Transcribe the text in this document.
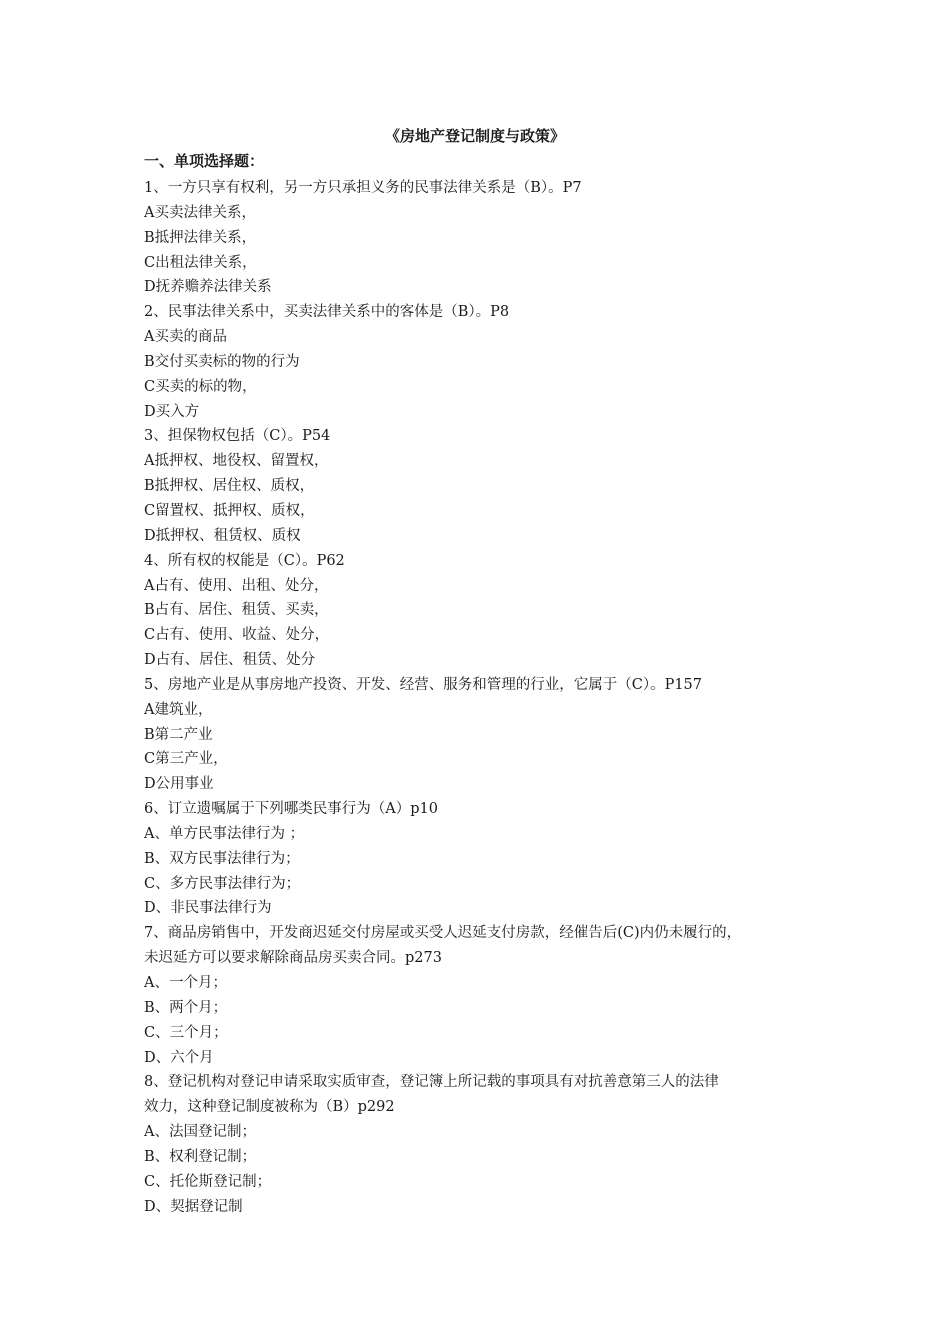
《房地产登记制度与政策》
一、单项选择题：
1、一方只享有权利，另一方只承担义务的民事法律关系是（B）。P7
A买卖法律关系，
B抵押法律关系，
C出租法律关系，
D抚养赡养法律关系
2、民事法律关系中，买卖法律关系中的客体是（B）。P8
A买卖的商品
B交付买卖标的物的行为
C买卖的标的物，
D买入方
3、担保物权包括（C）。P54
A抵押权、地役权、留置权，
B抵押权、居住权、质权，
C留置权、抵押权、质权，
D抵押权、租赁权、质权
4、所有权的权能是（C）。P62
A占有、使用、出租、处分，
B占有、居住、租赁、买卖，
C占有、使用、收益、处分，
D占有、居住、租赁、处分
5、房地产业是从事房地产投资、开发、经营、服务和管理的行业，它属于（C）。P157
A建筑业，
B第二产业
C第三产业，
D公用事业
6、订立遗嘱属于下列哪类民事行为（A）p10
A、单方民事法律行为 ；
B、双方民事法律行为；
C、多方民事法律行为；
D、非民事法律行为
7、商品房销售中，开发商迟延交付房屋或买受人迟延支付房款，经催告后(C)内仍未履行的，
未迟延方可以要求解除商品房买卖合同。p273
A、一个月；
B、两个月；
C、三个月；
D、六个月
8、登记机构对登记申请采取实质审查，登记簿上所记载的事项具有对抗善意第三人的法律
效力，这种登记制度被称为（B）p292
A、法国登记制；
B、权利登记制；
C、托伦斯登记制；
D、契据登记制
